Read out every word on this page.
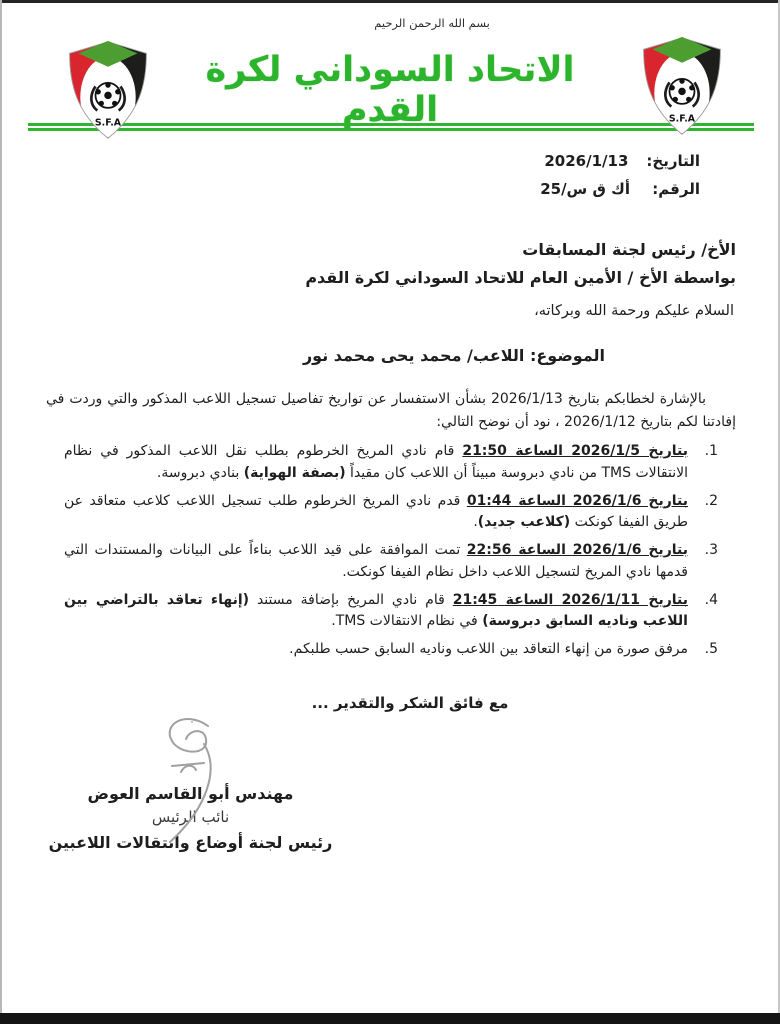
بسم الله الرحمن الرحيم
S.F.A	S.F.A
الاتحاد السوداني لكرة القدم
التاريخ:
2026/1/13
الرقم:
أك ق س/25
الأخ/ رئيس لجنة المسابقات
بواسطة الأخ / الأمين العام للاتحاد السوداني لكرة القدم
السلام عليكم ورحمة الله وبركاته،
الموضوع: اللاعب/ محمد يحى محمد نور
بالإشارة لخطابكم بتاريخ 2026/1/13 بشأن الاستفسار عن تواريخ تفاصيل تسجيل اللاعب المذكور والتي وردت في إفادتنا لكم بتاريخ 2026/1/12 ، نود أن نوضح التالي:
1.
بتاريخ 2026/1/5 الساعة 21:50 قام نادي المريخ الخرطوم بطلب نقل اللاعب المذكور في نظام الانتقالات TMS من نادي دبروسة مبيناً أن اللاعب كان مقيداً (بصفة الهواية) بنادي دبروسة.
2.
بتاريخ 2026/1/6 الساعة 01:44 قدم نادي المريخ الخرطوم طلب تسجيل اللاعب كلاعب متعاقد عن طريق الفيفا كونكت (كلاعب جديد).
3.
بتاريخ 2026/1/6 الساعة 22:56 تمت الموافقة على قيد اللاعب بناءاً على البيانات والمستندات التي قدمها نادي المريخ لتسجيل اللاعب داخل نظام الفيفا كونكت.
4.
بتاريخ 2026/1/11 الساعة 21:45 قام نادي المريخ بإضافة مستند (إنهاء تعاقد بالتراضي بين اللاعب وناديه السابق دبروسة) في نظام الانتقالات TMS.
5.
مرفق صورة من إنهاء التعاقد بين اللاعب وناديه السابق حسب طلبكم.
مع فائق الشكر والتقدير ...
مهندس أبو القاسم العوض
نائب الرئيس
رئيس لجنة أوضاع وانتقالات اللاعبين
